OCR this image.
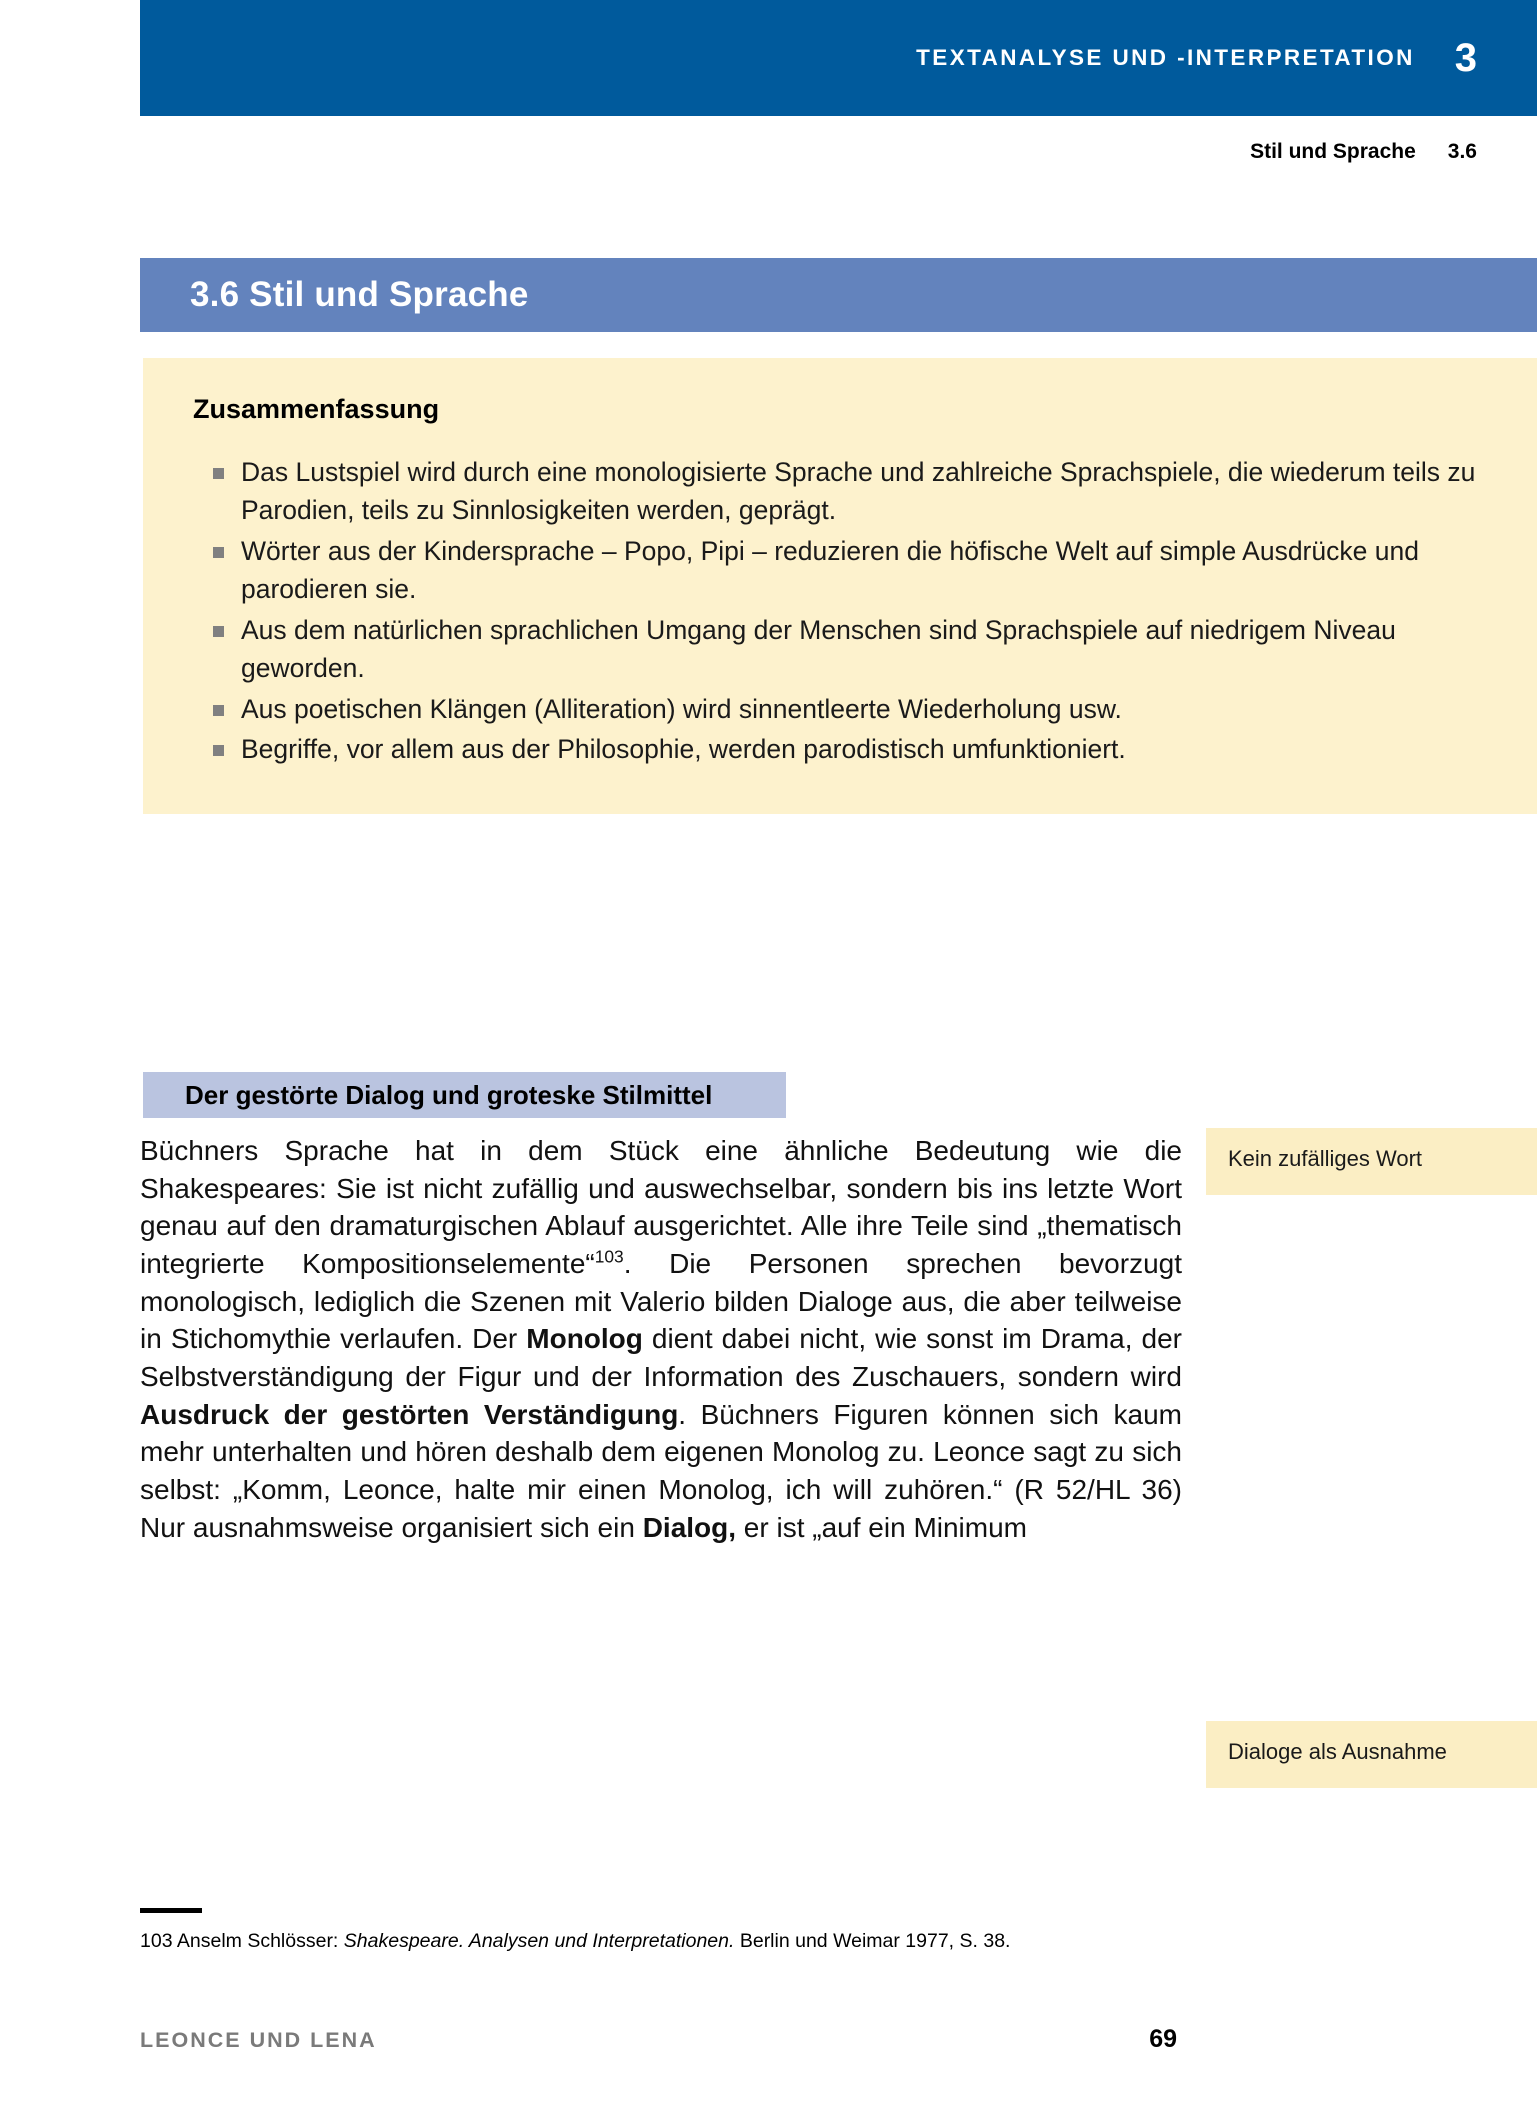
TEXTANALYSE UND -INTERPRETATION 3
Stil und Sprache 3.6
3.6 Stil und Sprache
Zusammenfassung
Das Lustspiel wird durch eine monologisierte Sprache und zahlreiche Sprachspiele, die wiederum teils zu Parodien, teils zu Sinnlosigkeiten werden, geprägt.
Wörter aus der Kindersprache – Popo, Pipi – reduzieren die höfische Welt auf simple Ausdrücke und parodieren sie.
Aus dem natürlichen sprachlichen Umgang der Menschen sind Sprachspiele auf niedrigem Niveau geworden.
Aus poetischen Klängen (Alliteration) wird sinnentleerte Wiederholung usw.
Begriffe, vor allem aus der Philosophie, werden parodistisch umfunktioniert.
Der gestörte Dialog und groteske Stilmittel

Büchners Sprache hat in dem Stück eine ähnliche Bedeutung wie die Shakespeares: Sie ist nicht zufällig und auswechselbar, sondern bis ins letzte Wort genau auf den dramaturgischen Ablauf ausgerichtet. Alle ihre Teile sind „thematisch integrierte Kompositionselemente“$^{103}$. Die Personen sprechen bevorzugt monologisch, lediglich die Szenen mit Valerio bilden Dialoge aus, die aber teilweise in Stichomythie verlaufen. Der Monolog dient dabei nicht, wie sonst im Drama, der Selbstverständigung der Figur und der Information des Zuschauers, sondern wird Ausdruck der gestörten Verständigung. Büchners Figuren können sich kaum mehr unterhalten und hören deshalb dem eigenen Monolog zu. Leonce sagt zu sich selbst: „Komm, Leonce, halte mir einen Monolog, ich will zuhören.“ (R 52/HL 36) Nur ausnahmsweise organisiert sich ein Dialog, er ist „auf ein Minimum

Kein zufälliges Wort
Dialoge als Ausnahme
103 Anselm Schlösser: Shakespeare. Analysen und Interpretationen. Berlin und Weimar 1977, S. 38.
LEONCE UND LENA	69
